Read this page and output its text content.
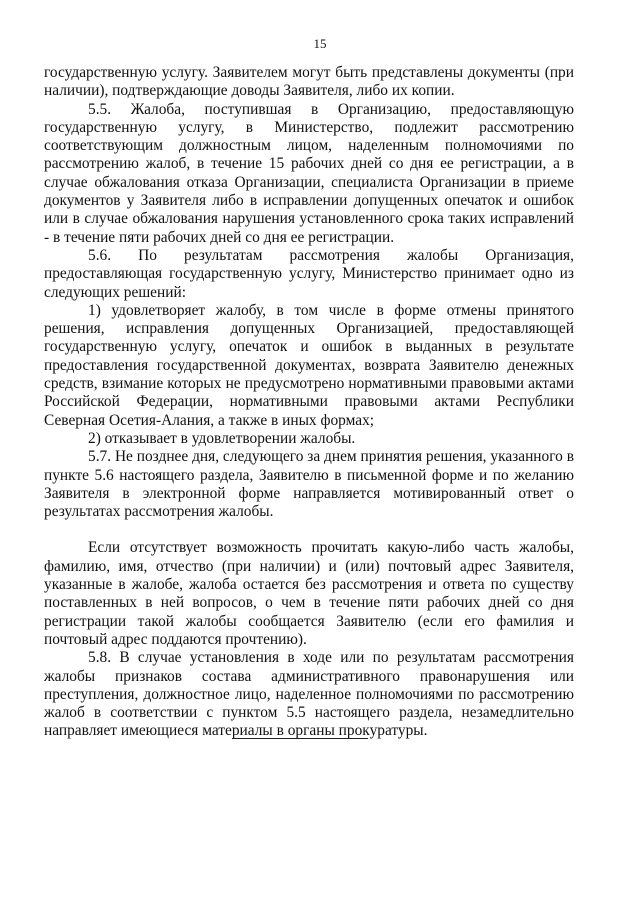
15

государственную услугу. Заявителем могут быть представлены документы (при наличии), подтверждающие доводы Заявителя, либо их копии.

5.5. Жалоба, поступившая в Организацию, предоставляющую государственную услугу, в Министерство, подлежит рассмотрению соответствующим должностным лицом, наделенным полномочиями по рассмотрению жалоб, в течение 15 рабочих дней со дня ее регистрации, а в случае обжалования отказа Организации, специалиста Организации в приеме документов у Заявителя либо в исправлении допущенных опечаток и ошибок или в случае обжалования нарушения установленного срока таких исправлений - в течение пяти рабочих дней со дня ее регистрации.

5.6. По результатам рассмотрения жалобы Организация, предоставляющая государственную услугу, Министерство принимает одно из следующих решений:

1) удовлетворяет жалобу, в том числе в форме отмены принятого решения, исправления допущенных Организацией, предоставляющей государственную услугу, опечаток и ошибок в выданных в результате предоставления государственной документах, возврата Заявителю денежных средств, взимание которых не предусмотрено нормативными правовыми актами Российской Федерации, нормативными правовыми актами Республики Северная Осетия-Алания, а также в иных формах;

2) отказывает в удовлетворении жалобы.

5.7. Не позднее дня, следующего за днем принятия решения, указанного в пункте 5.6 настоящего раздела, Заявителю в письменной форме и по желанию Заявителя в электронной форме направляется мотивированный ответ о результатах рассмотрения жалобы.

Если отсутствует возможность прочитать какую-либо часть жалобы, фамилию, имя, отчество (при наличии) и (или) почтовый адрес Заявителя, указанные в жалобе, жалоба остается без рассмотрения и ответа по существу поставленных в ней вопросов, о чем в течение пяти рабочих дней со дня регистрации такой жалобы сообщается Заявителю (если его фамилия и почтовый адрес поддаются прочтению).

5.8. В случае установления в ходе или по результатам рассмотрения жалобы признаков состава административного правонарушения или преступления, должностное лицо, наделенное полномочиями по рассмотрению жалоб в соответствии с пунктом 5.5 настоящего раздела, незамедлительно направляет имеющиеся материалы в органы прокуратуры.
